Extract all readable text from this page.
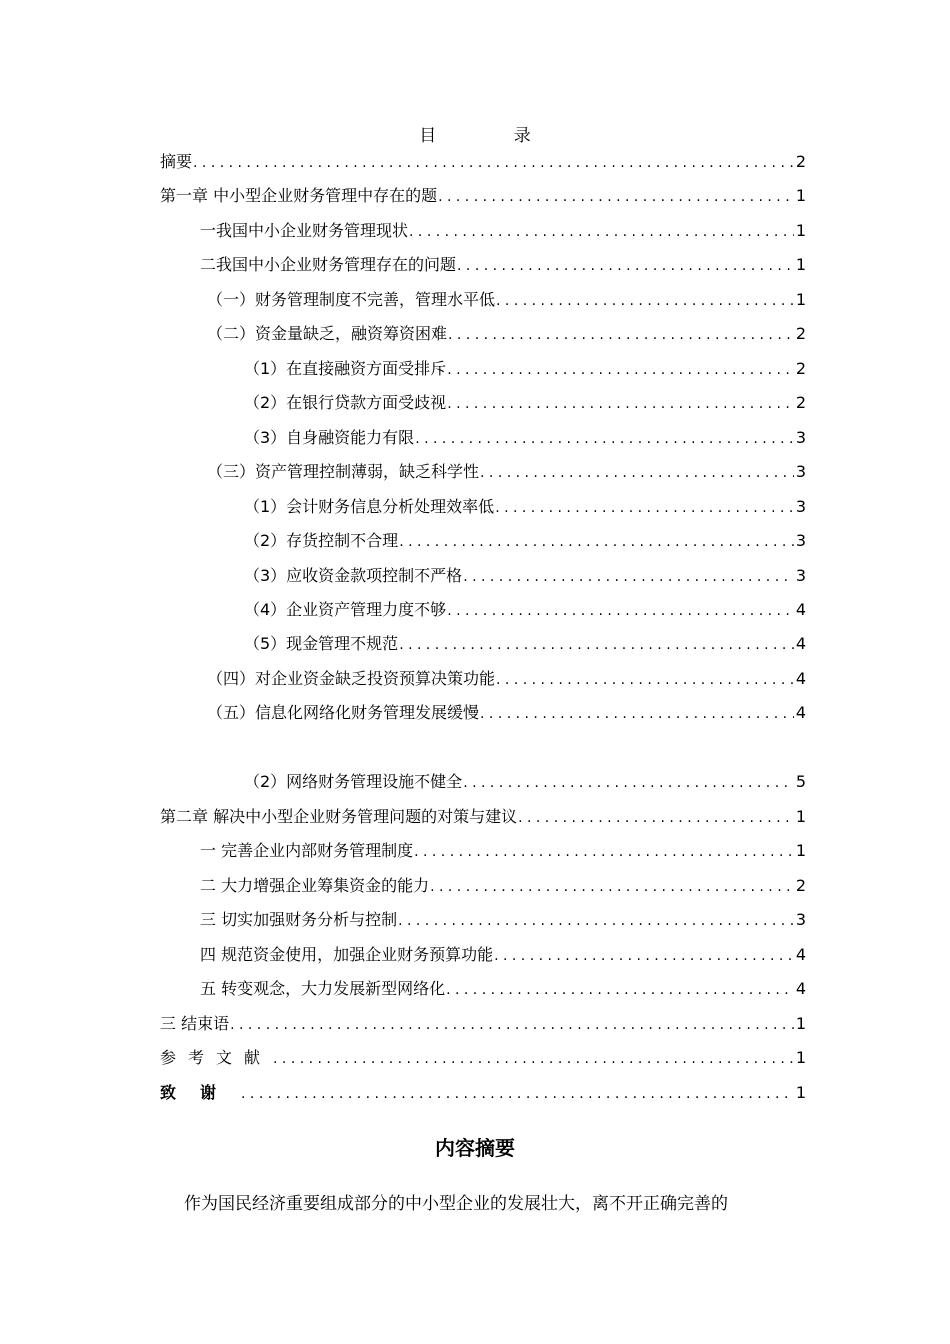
目 录
摘要 . . .	2
第一章 中小型企业财务管理中存在的题 . . .	1
一我国中小企业财务管理现状 . . .	1
二我国中小企业财务管理存在的问题 . . .	1
（一）财务管理制度不完善，管理水平低 . . .	1
（二）资金量缺乏，融资筹资困难 . . .	2
（1）在直接融资方面受排斥 . . .	2
（2）在银行贷款方面受歧视 . . .	2
（3）自身融资能力有限 . . .	3
（三）资产管理控制薄弱，缺乏科学性 . . .	3
（1）会计财务信息分析处理效率低 . . .	3
（2）存货控制不合理 . . .	3
（3）应收资金款项控制不严格 . . .	3
（4）企业资产管理力度不够 . . .	4
（5）现金管理不规范 . . .	4
（四）对企业资金缺乏投资预算决策功能 . . .	4
（五）信息化网络化财务管理发展缓慢 . . .	4
（2）网络财务管理设施不健全 . . .	5
第二章 解决中小型企业财务管理问题的对策与建议 . . .	1
一 完善企业内部财务管理制度 . . .	1
二 大力增强企业筹集资金的能力 . . .	2
三 切实加强财务分析与控制 . . .	3
四 规范资金使用，加强企业财务预算功能 . . .	4
五 转变观念，大力发展新型网络化 . . .	4
三 结束语 . . .	1
参考文献 . . .	1
致谢 . . .	1
内容摘要
作为国民经济重要组成部分的中小型企业的发展壮大，离不开正确完善的
